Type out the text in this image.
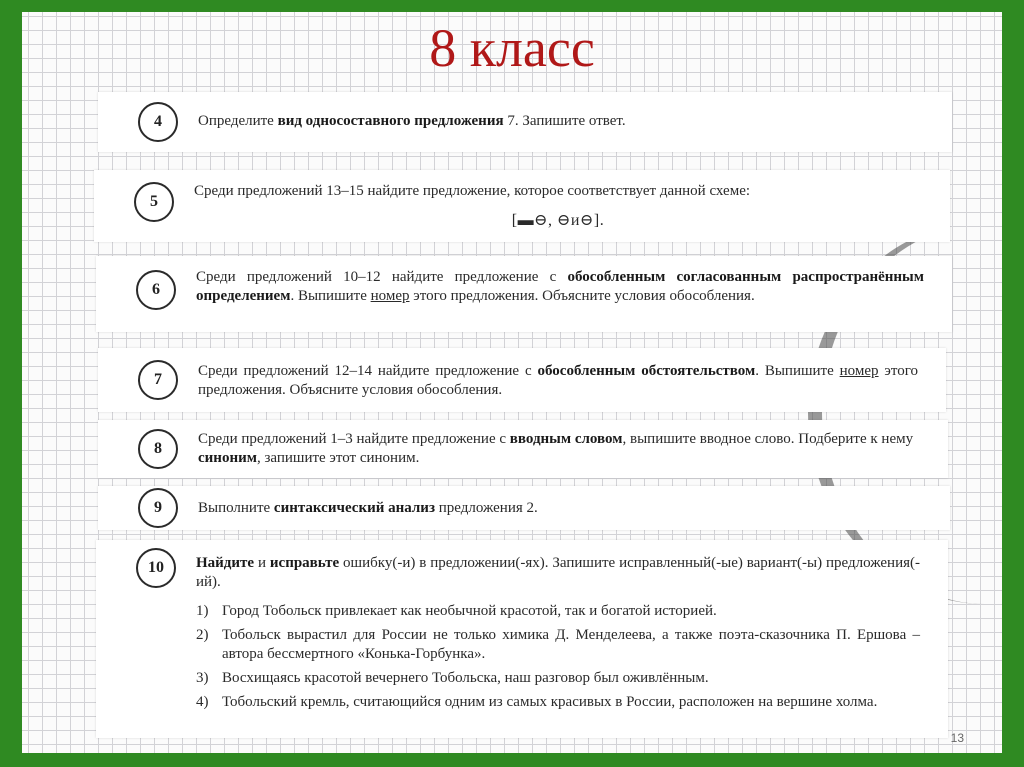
8 класс
4	Определите вид односоставного предложения 7. Запишите ответ.
5
Среди предложений 13–15 найдите предложение, которое соответствует данной схеме:
[▬⊖, ⊖и⊖].
6
Среди предложений 10–12 найдите предложение с обособленным согласованным распространённым определением. Выпишите номер этого предложения. Объясните условия обособления.
7	Среди предложений 12–14 найдите предложение с обособленным обстоятельством. Выпишите номер этого предложения. Объясните условия обособления.
8
Среди предложений 1–3 найдите предложение с вводным словом, выпишите вводное слово. Подберите к нему синоним, запишите этот синоним.
9	Выполните синтаксический анализ предложения 2.
10	Найдите и исправьте ошибку(-и) в предложении(-ях). Запишите исправленный(-ые) вариант(-ы) предложения(-ий).
1) Город Тобольск привлекает как необычной красотой, так и богатой историей.
2) Тобольск вырастил для России не только химика Д. Менделеева, а также поэта-сказочника П. Ершова – автора бессмертного «Конька-Горбунка».
3) Восхищаясь красотой вечернего Тобольска, наш разговор был оживлённым.
4) Тобольский кремль, считающийся одним из самых красивых в России, расположен на вершине холма.
13
